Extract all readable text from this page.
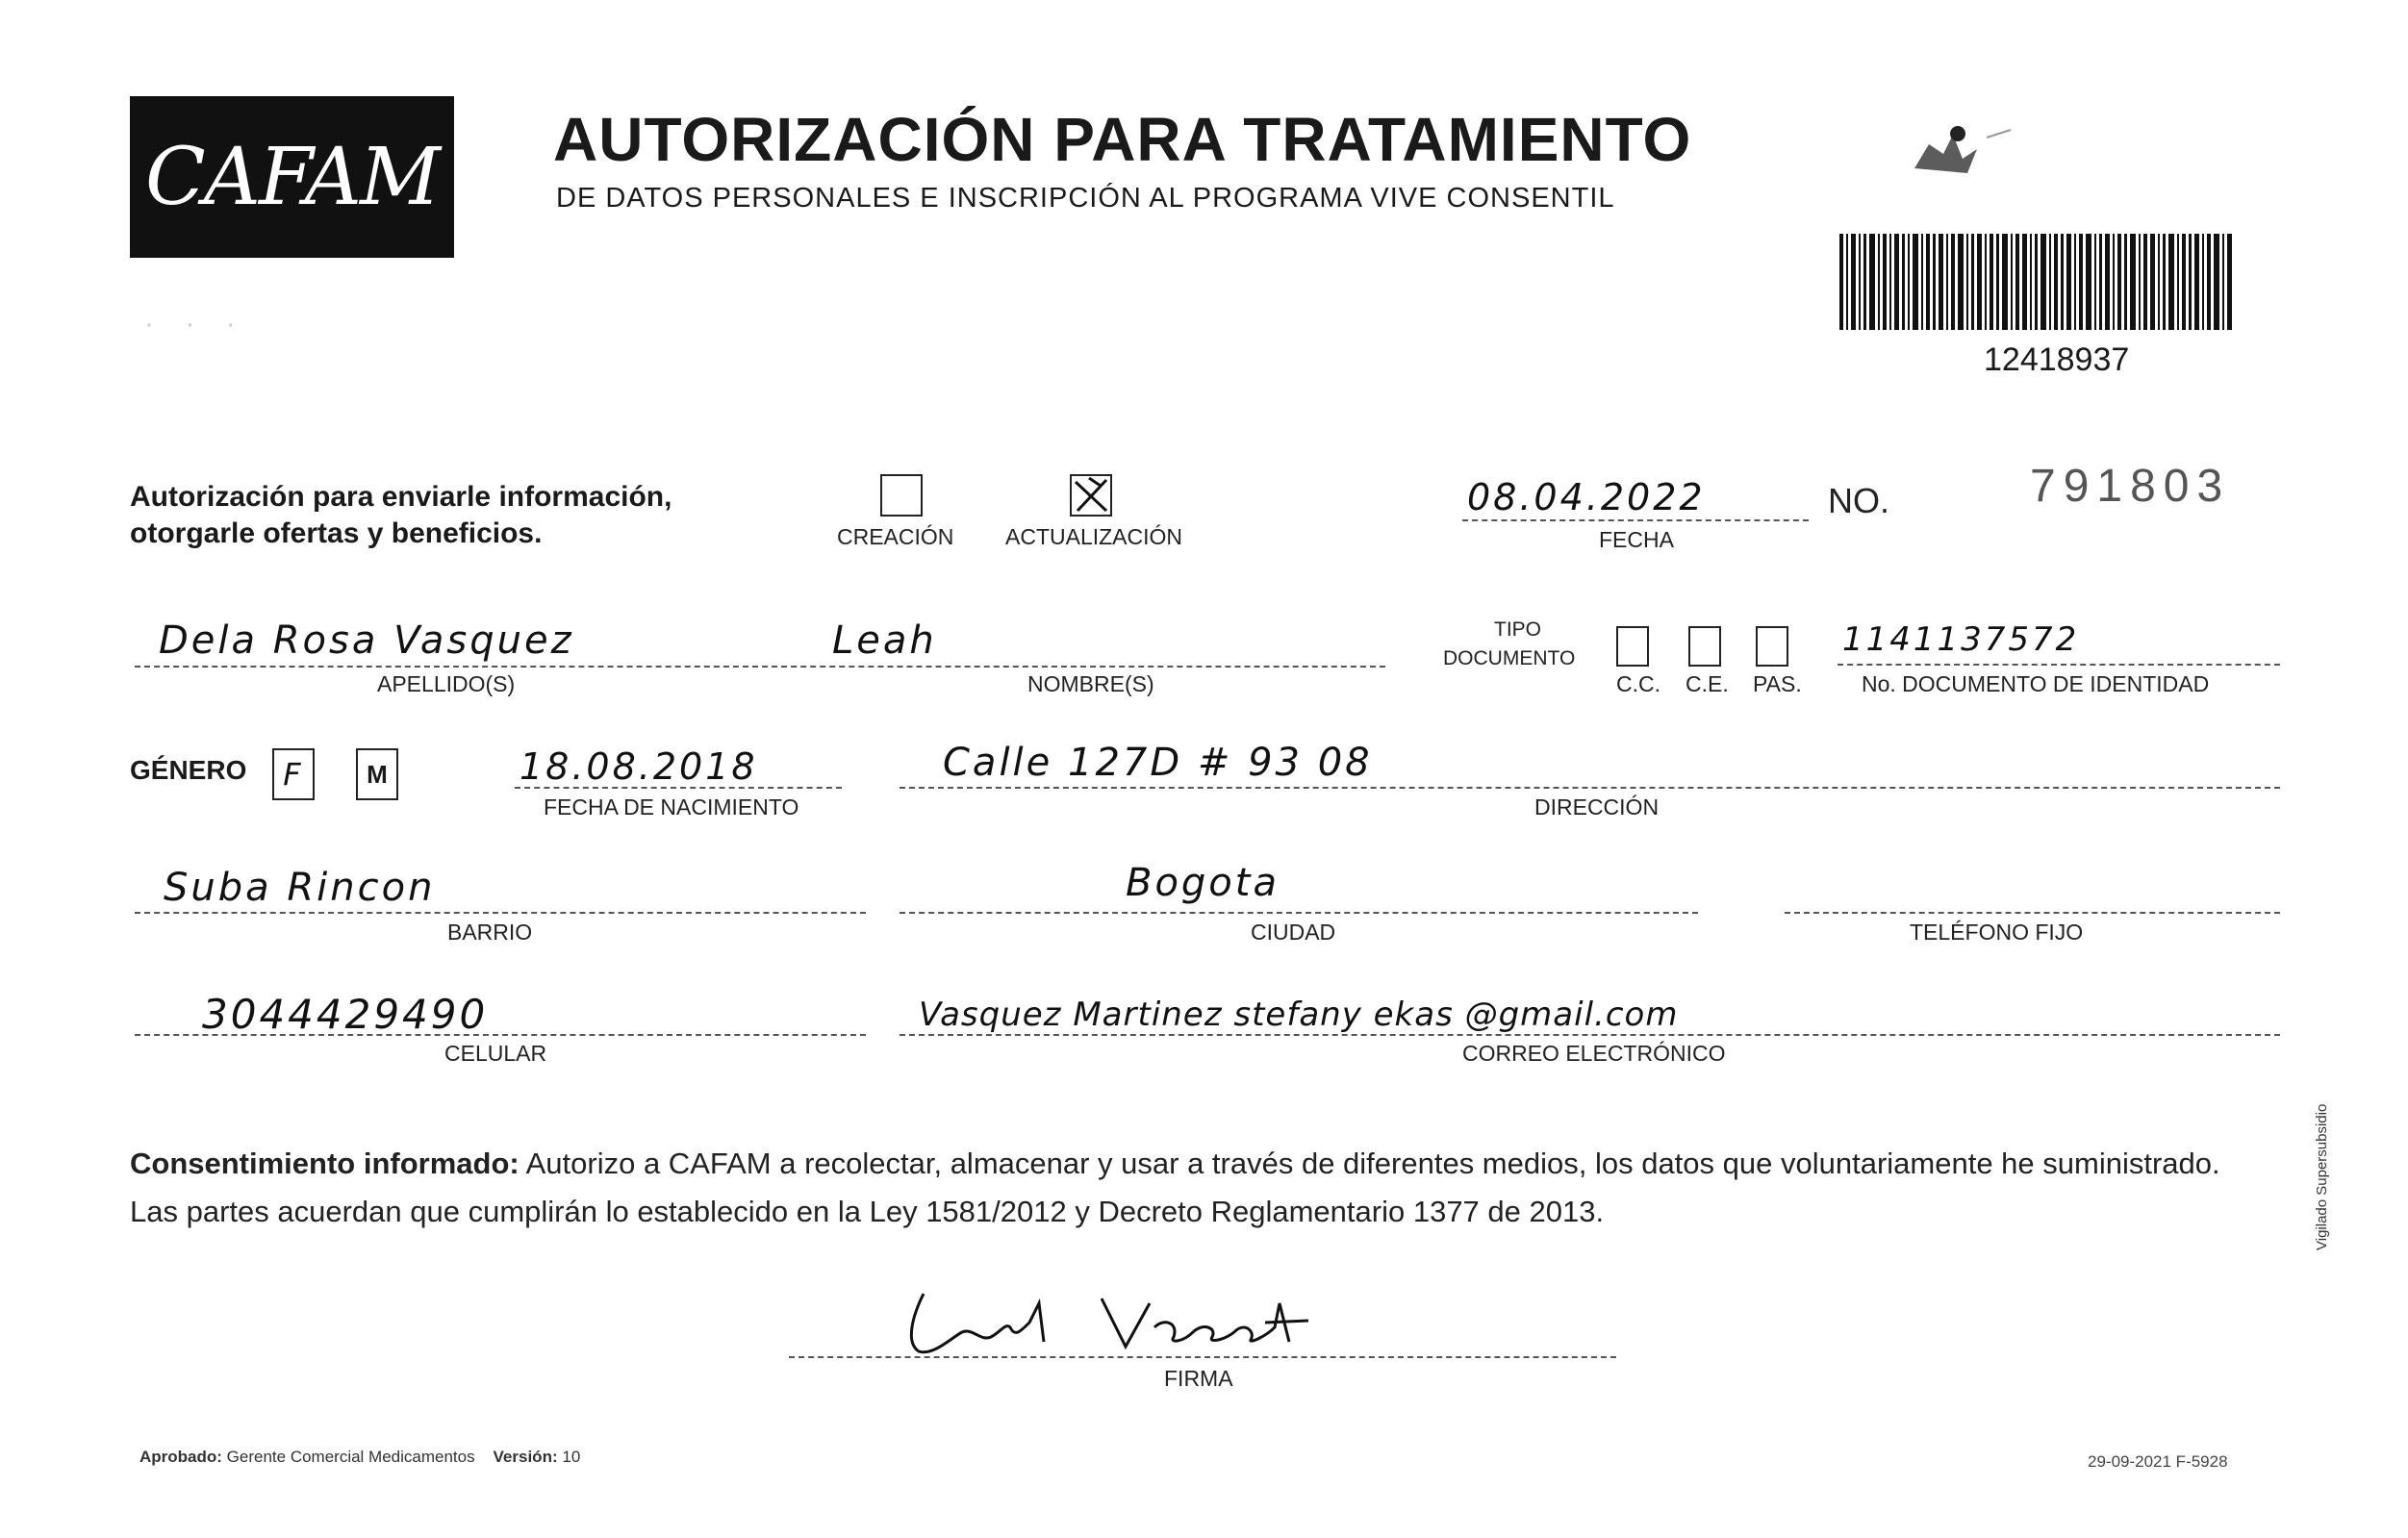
CAFAM AUTORIZACIÓN PARA TRATAMIENTO
DE DATOS PERSONALES E INSCRIPCIÓN AL PROGRAMA VIVE CONSENTIL
12418937
· · ·
Autorización para enviarle información,
otorgarle ofertas y beneficios.	CREACIÓN ACTUALIZACIÓN
08.04.2022
FECHA
NO.	791803
Dela Rosa Vasquez	Leah
APELLIDO(S)	NOMBRE(S)
TIPO
DOCUMENTO
C.C. C.E. PAS.
1141137572
No. DOCUMENTO DE IDENTIDAD
GÉNERO F	M	18.08.2018
FECHA DE NACIMIENTO
Calle 127D # 93 08
DIRECCIÓN
Suba Rincon
BARRIO
Bogota
CIUDAD	TELÉFONO FIJO
3044429490
CELULAR
Vasquez Martinez stefany ekas @gmail.com
CORREO ELECTRÓNICO
Consentimiento informado: Autorizo a CAFAM a recolectar, almacenar y usar a través de diferentes medios, los datos que voluntariamente he suministrado.
Las partes acuerdan que cumplirán lo establecido en la Ley 1581/2012 y Decreto Reglamentario 1377 de 2013.
FIRMA
Aprobado: Gerente Comercial Medicamentos Versión: 10	29-09-2021 F-5928
Vigilado Supersubsidio
